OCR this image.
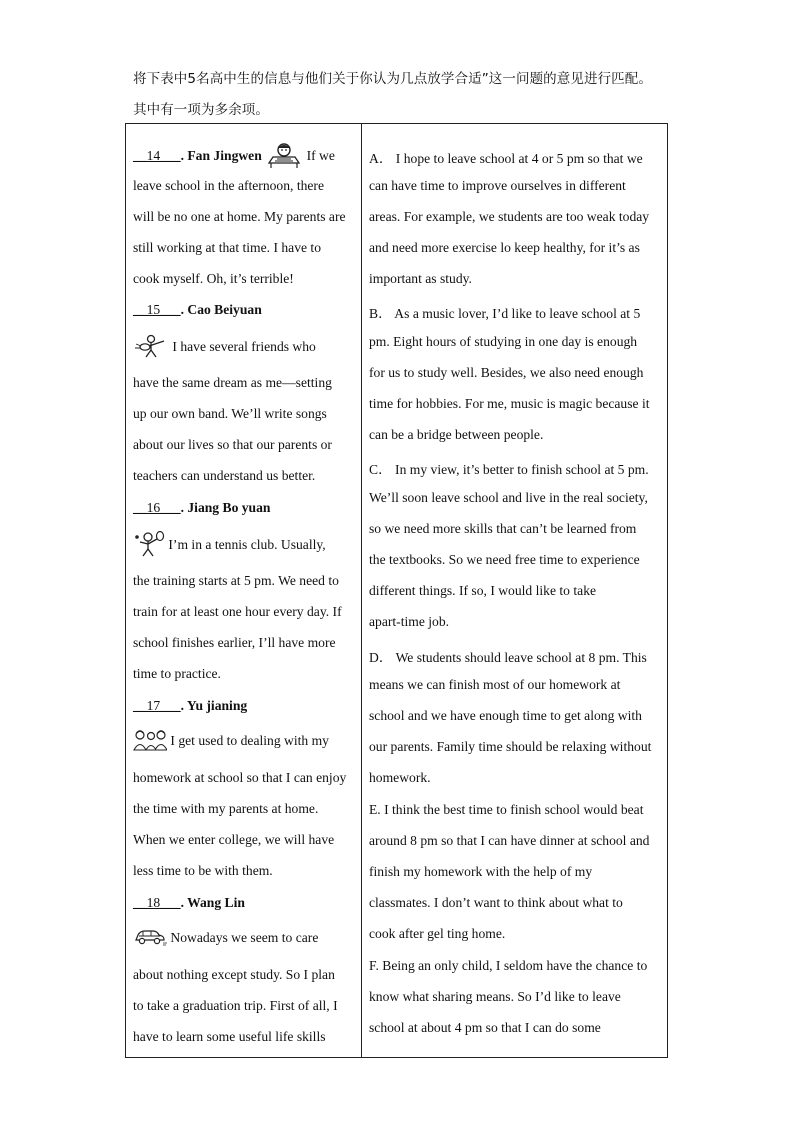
将下表中5名高中生的信息与他们关于你认为几点放学合适”这一问题的意见进行匹配。
其中有一项为多余项。
__14___. Fan Jingwen	If we
leave school in the afternoon, there
will be no one at home. My parents are
still working at that time. I have to
cook myself. Oh, it’s terrible!
__15___. Cao Beiyuan
I have several friends who
have the same dream as me—setting
up our own band. We’ll write songs
about our lives so that our parents or
teachers can understand us better.
__16___. Jiang Bo yuan
I’m in a tennis club. Usually,
the training starts at 5 pm. We need to
train for at least one hour every day. If
school finishes earlier, I’ll have more
time to practice.
__17___. Yu jianing
I get used to dealing with my
homework at school so that I can enjoy
the time with my parents at home.
When we enter college, we will have
less time to be with them.
__18___. Wang Lin
Nowadays we seem to care
about nothing except study. So I plan
to take a graduation trip. First of all, I
have to learn some useful life skills
A． I hope to leave school at 4 or 5 pm so that we
can have time to improve ourselves in different
areas. For example, we students are too weak today
and need more exercise lo keep healthy, for it’s as
important as study.
B． As a music lover, I’d like to leave school at 5
pm. Eight hours of studying in one day is enough
for us to study well. Besides, we also need enough
time for hobbies. For me, music is magic because it
can be a bridge between people.
C． In my view, it’s better to finish school at 5 pm.
We’ll soon leave school and live in the real society,
so we need more skills that can’t be learned from
the textbooks. So we need free time to experience
different things. If so, I would like to take
apart-time job.
D． We students should leave school at 8 pm. This
means we can finish most of our homework at
school and we have enough time to get along with
our parents. Family time should be relaxing without
homework.
E. I think the best time to finish school would beat
around 8 pm so that I can have dinner at school and
finish my homework with the help of my
classmates. I don’t want to think about what to
cook after gel ting home.
F. Being an only child, I seldom have the chance to
know what sharing means. So I’d like to leave
school at about 4 pm so that I can do some
